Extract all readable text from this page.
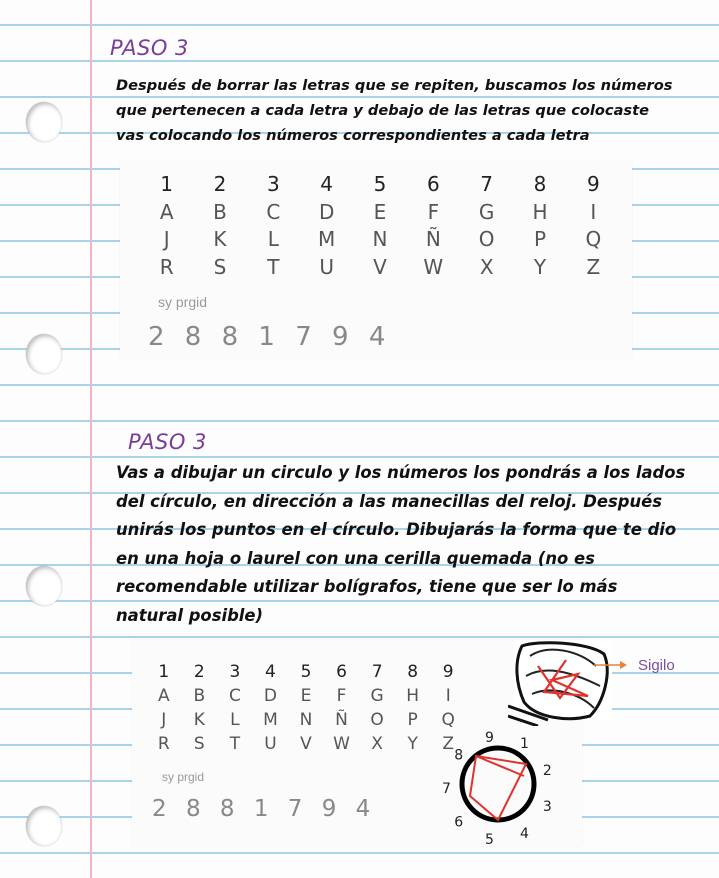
PASO 3
Después de borrar las letras que se repiten, buscamos los números
que pertenecen a cada letra y debajo de las letras que colocaste
vas colocando los números correspondientes a cada letra
1	2	3	4	5	6	7	8	9
A	B	C	D	E	F	G	H	I
J	K	L	M	N	Ñ	O	P	Q
R	S	T	U	V	W	X	Y	Z
sy prgid
2 8 8 1 7 9 4
PASO 3
Vas a dibujar un circulo y los números los pondrás a los lados
del círculo, en dirección a las manecillas del reloj. Después
unirás los puntos en el círculo. Dibujarás la forma que te dio
en una hoja o laurel con una cerilla quemada (no es
recomendable utilizar bolígrafos, tiene que ser lo más
natural posible)
1	2	3	4	5	6	7	8	9
A	B	C	D	E	F	G	H	I
J	K	L	M	N	Ñ	O	P	Q
R	S	T	U	V	W	X	Y	Z
sy prgid
2 8 8 1 7 9 4
Sigilo
1
2
3
4
5
6
7
8
9
